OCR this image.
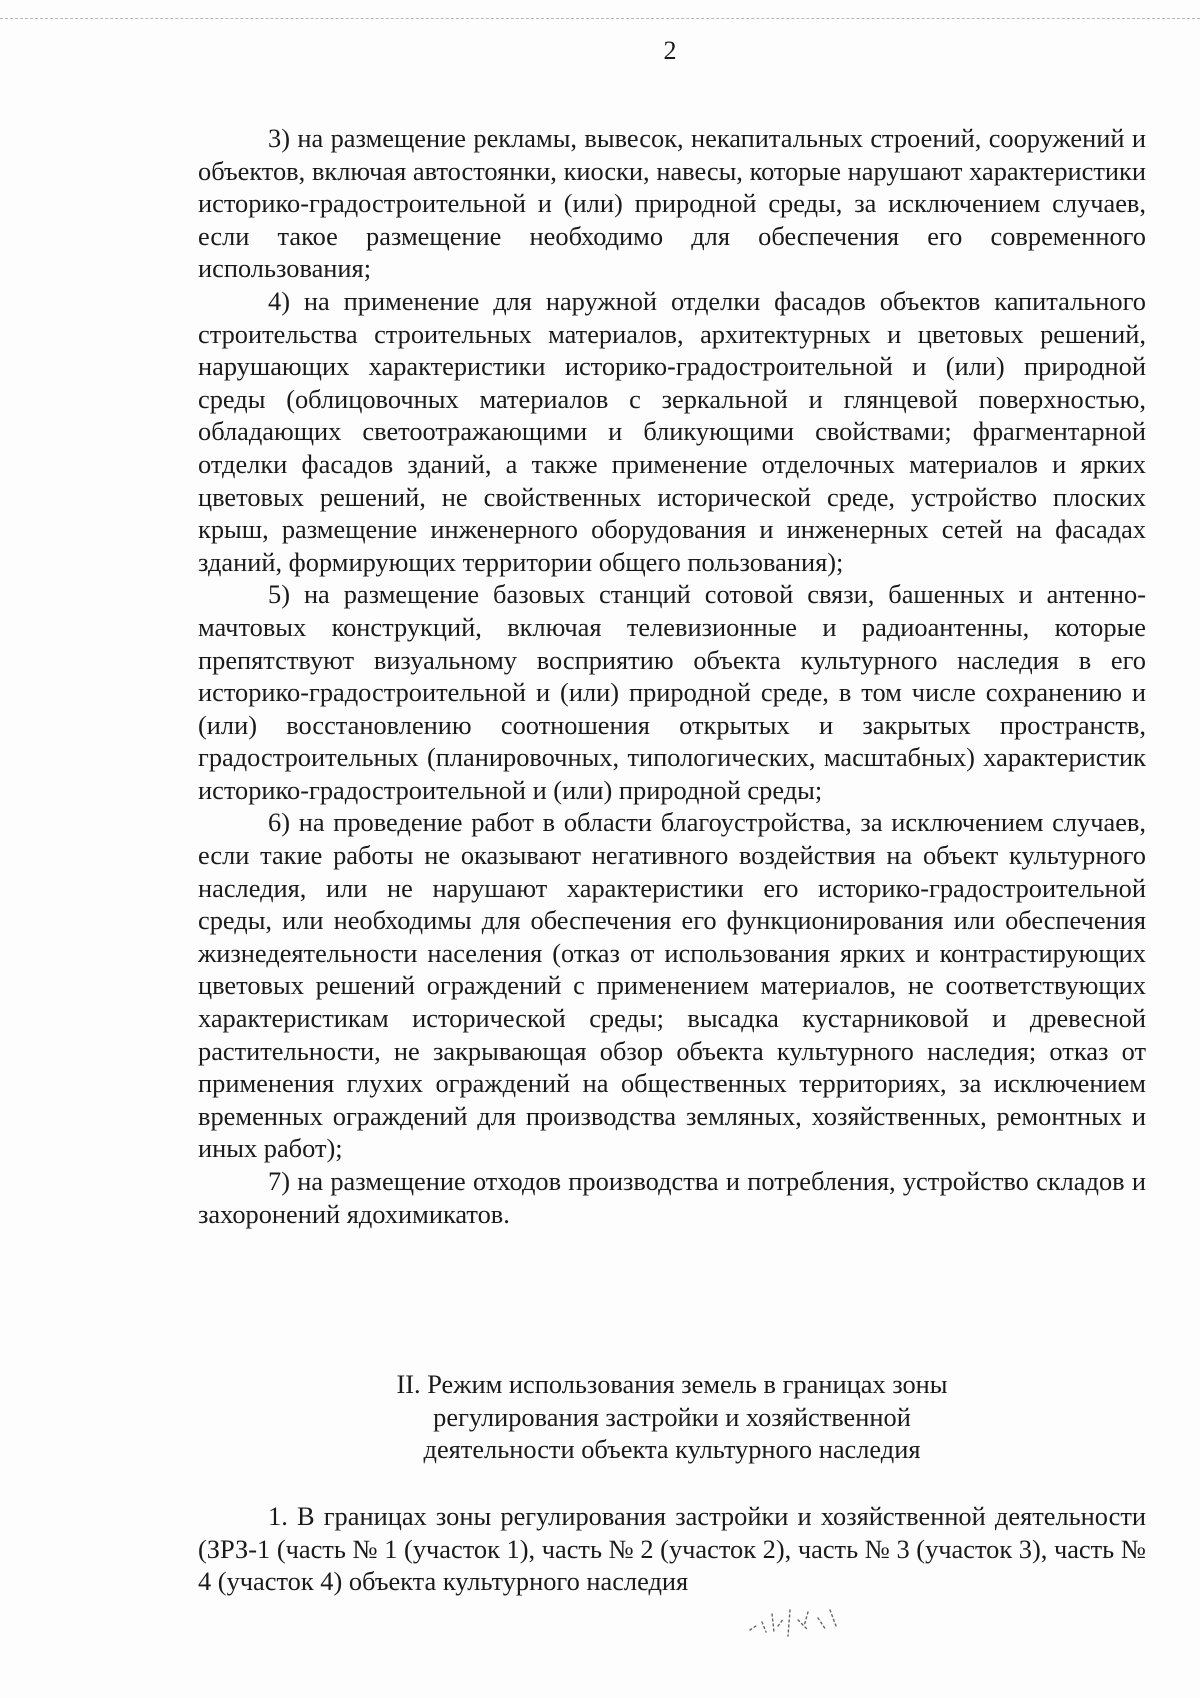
2

3) на размещение рекламы, вывесок, некапитальных строений, сооружений и объектов, включая автостоянки, киоски, навесы, которые нарушают характеристики историко-градостроительной и (или) природной среды, за исключением случаев, если такое размещение необходимо для обеспечения его современного использования;

4) на применение для наружной отделки фасадов объектов капитального строительства строительных материалов, архитектурных и цветовых решений, нарушающих характеристики историко-градостроительной и (или) природной среды (облицовочных материалов с зеркальной и глянцевой поверхностью, обладающих светоотражающими и бликующими свойствами; фрагментарной отделки фасадов зданий, а также применение отделочных материалов и ярких цветовых решений, не свойственных исторической среде, устройство плоских крыш, размещение инженерного оборудования и инженерных сетей на фасадах зданий, формирующих территории общего пользования);

5) на размещение базовых станций сотовой связи, башенных и антенно-мачтовых конструкций, включая телевизионные и радиоантенны, которые препятствуют визуальному восприятию объекта культурного наследия в его историко-градостроительной и (или) природной среде, в том числе сохранению и (или) восстановлению соотношения открытых и закрытых пространств, градостроительных (планировочных, типологических, масштабных) характеристик историко-градостроительной и (или) природной среды;

6) на проведение работ в области благоустройства, за исключением случаев, если такие работы не оказывают негативного воздействия на объект культурного наследия, или не нарушают характеристики его историко-градостроительной среды, или необходимы для обеспечения его функционирования или обеспечения жизнедеятельности населения (отказ от использования ярких и контрастирующих цветовых решений ограждений с применением материалов, не соответствующих характеристикам исторической среды; высадка кустарниковой и древесной растительности, не закрывающая обзор объекта культурного наследия; отказ от применения глухих ограждений на общественных территориях, за исключением временных ограждений для производства земляных, хозяйственных, ремонтных и иных работ);

7) на размещение отходов производства и потребления, устройство складов и захоронений ядохимикатов.

II. Режим использования земель в границах зоны
регулирования застройки и хозяйственной
деятельности объекта культурного наследия

1. В границах зоны регулирования застройки и хозяйственной деятельности (ЗРЗ-1 (часть № 1 (участок 1), часть № 2 (участок 2), часть № 3 (участок 3), часть № 4 (участок 4) объекта культурного наследия
